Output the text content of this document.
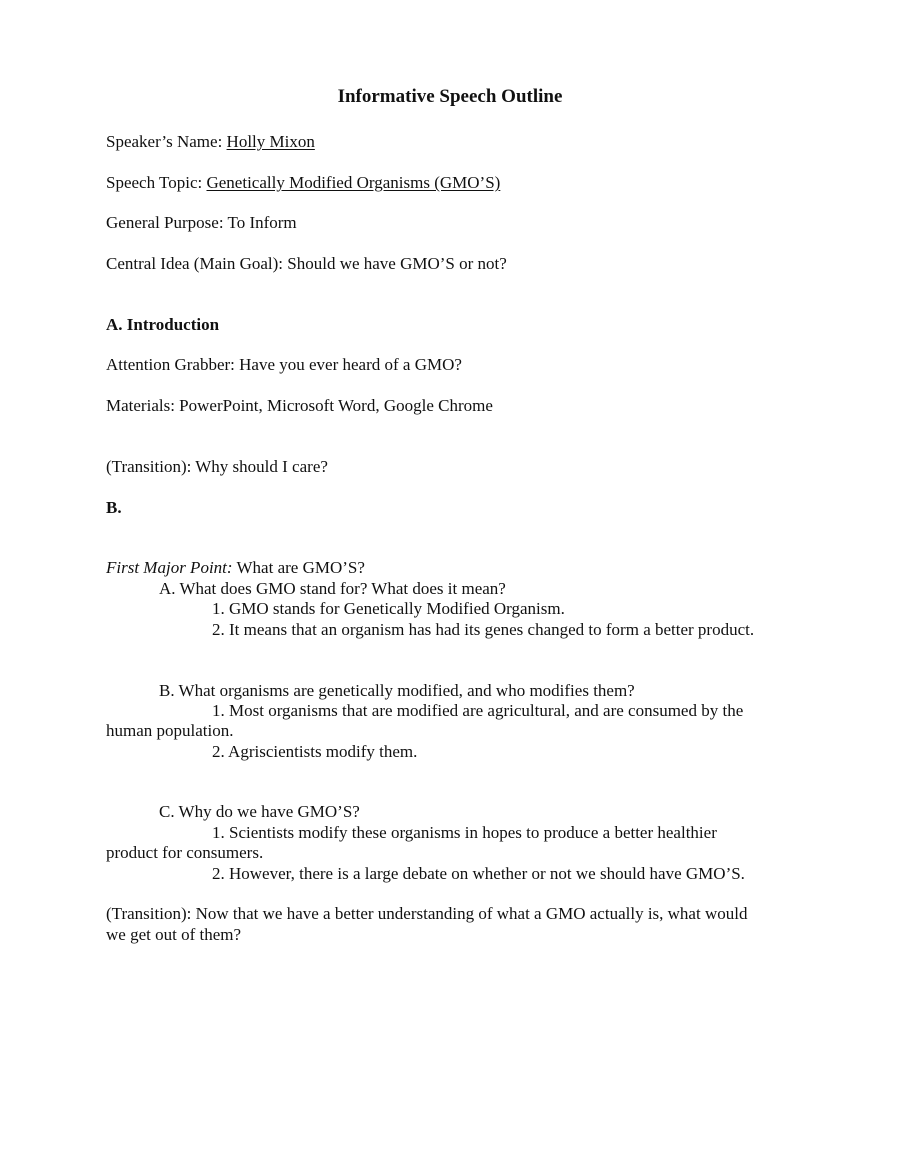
Informative Speech Outline

Speaker’s Name: Holly Mixon

Speech Topic: Genetically Modified Organisms (GMO’S)

General Purpose: To Inform

Central Idea (Main Goal): Should we have GMO’S or not?

A. Introduction

Attention Grabber: Have you ever heard of a GMO?

Materials: PowerPoint, Microsoft Word, Google Chrome

(Transition): Why should I care?

B.

First Major Point: What are GMO’S?

A. What does GMO stand for? What does it mean?

1. GMO stands for Genetically Modified Organism.

2. It means that an organism has had its genes changed to form a better product.

B. What organisms are genetically modified, and who modifies them?

1. Most organisms that are modified are agricultural, and are consumed by the

human population.

2. Agriscientists modify them.

C. Why do we have GMO’S?

1. Scientists modify these organisms in hopes to produce a better healthier

product for consumers.

2. However, there is a large debate on whether or not we should have GMO’S.

(Transition): Now that we have a better understanding of what a GMO actually is, what would

we get out of them?
